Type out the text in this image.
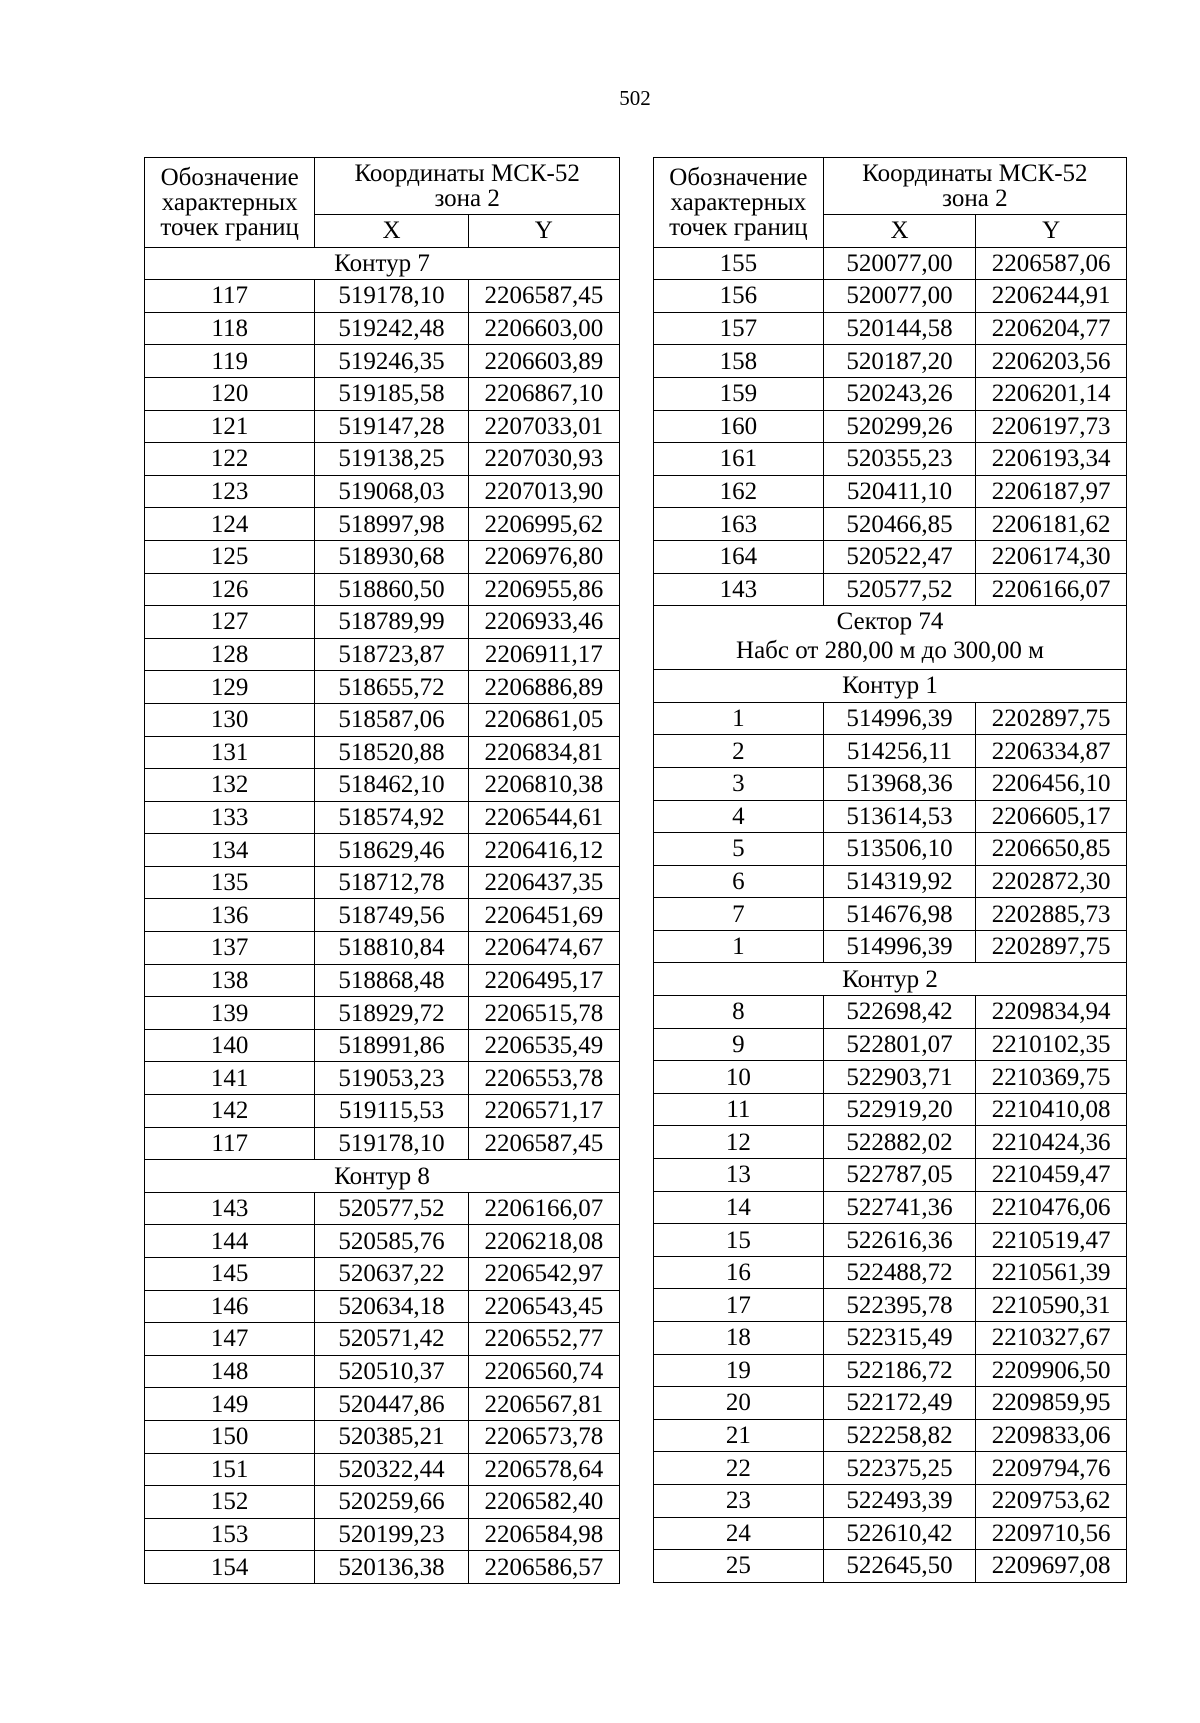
502
Обозначение характерных точек границ	Координаты МСК-52 зона 2	
	X	Y
Контур 7		
117	519178,10	2206587,45
118	519242,48	2206603,00
119	519246,35	2206603,89
120	519185,58	2206867,10
121	519147,28	2207033,01
122	519138,25	2207030,93
123	519068,03	2207013,90
124	518997,98	2206995,62
125	518930,68	2206976,80
126	518860,50	2206955,86
127	518789,99	2206933,46
128	518723,87	2206911,17
129	518655,72	2206886,89
130	518587,06	2206861,05
131	518520,88	2206834,81
132	518462,10	2206810,38
133	518574,92	2206544,61
134	518629,46	2206416,12
135	518712,78	2206437,35
136	518749,56	2206451,69
137	518810,84	2206474,67
138	518868,48	2206495,17
139	518929,72	2206515,78
140	518991,86	2206535,49
141	519053,23	2206553,78
142	519115,53	2206571,17
117	519178,10	2206587,45
Контур 8		
143	520577,52	2206166,07
144	520585,76	2206218,08
145	520637,22	2206542,97
146	520634,18	2206543,45
147	520571,42	2206552,77
148	520510,37	2206560,74
149	520447,86	2206567,81
150	520385,21	2206573,78
151	520322,44	2206578,64
152	520259,66	2206582,40
153	520199,23	2206584,98
154	520136,38	2206586,57
Обозначение характерных точек границ	Координаты МСК-52 зона 2	
	X	Y
155	520077,00	2206587,06
156	520077,00	2206244,91
157	520144,58	2206204,77
158	520187,20	2206203,56
159	520243,26	2206201,14
160	520299,26	2206197,73
161	520355,23	2206193,34
162	520411,10	2206187,97
163	520466,85	2206181,62
164	520522,47	2206174,30
143	520577,52	2206166,07

Сектор 74
Набс от 280,00 м до 300,00 м		

Контур 1		
1	514996,39	2202897,75
2	514256,11	2206334,87
3	513968,36	2206456,10
4	513614,53	2206605,17
5	513506,10	2206650,85
6	514319,92	2202872,30
7	514676,98	2202885,73
1	514996,39	2202897,75
Контур 2		
8	522698,42	2209834,94
9	522801,07	2210102,35
10	522903,71	2210369,75
11	522919,20	2210410,08
12	522882,02	2210424,36
13	522787,05	2210459,47
14	522741,36	2210476,06
15	522616,36	2210519,47
16	522488,72	2210561,39
17	522395,78	2210590,31
18	522315,49	2210327,67
19	522186,72	2209906,50
20	522172,49	2209859,95
21	522258,82	2209833,06
22	522375,25	2209794,76
23	522493,39	2209753,62
24	522610,42	2209710,56
25	522645,50	2209697,08
